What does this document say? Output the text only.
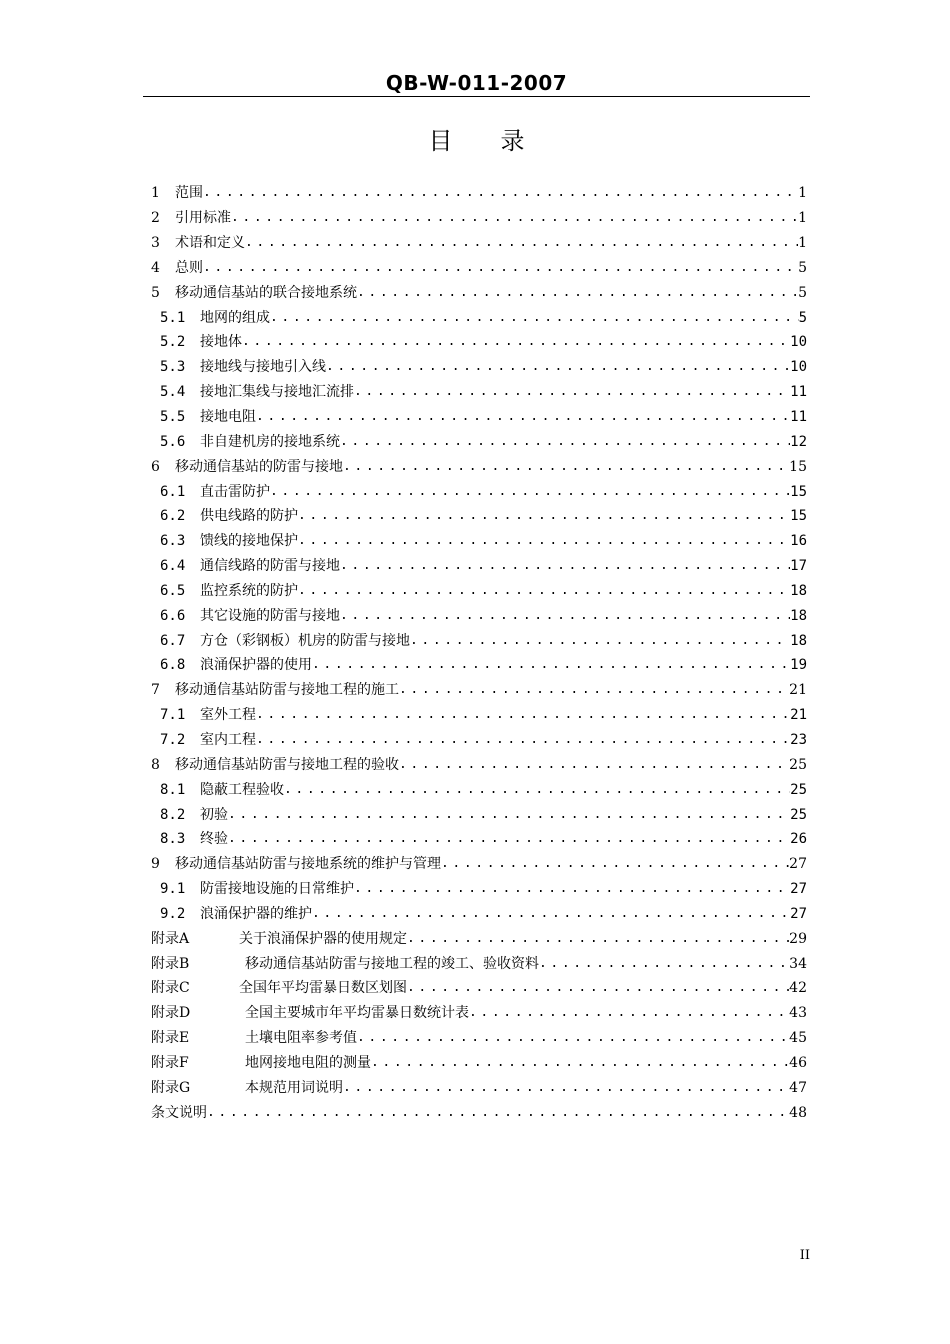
QB-W-011-2007
目　　录
1	范围 .....	1
2	引用标准 .....	1
3	术语和定义 .....	1
4	总则 .....	5
5	移动通信基站的联合接地系统 .....	5
5.1	地网的组成 .....	5
5.2	接地体 .....	10
5.3	接地线与接地引入线 .....	10
5.4	接地汇集线与接地汇流排 .....	11
5.5	接地电阻 .....	11
5.6	非自建机房的接地系统 .....	12
6	移动通信基站的防雷与接地 .....	15
6.1	直击雷防护 .....	15
6.2	供电线路的防护 .....	15
6.3	馈线的接地保护 .....	16
6.4	通信线路的防雷与接地 .....	17
6.5	监控系统的防护 .....	18
6.6	其它设施的防雷与接地 .....	18
6.7	方仓（彩钢板）机房的防雷与接地 .....	18
6.8	浪涌保护器的使用 .....	19
7	移动通信基站防雷与接地工程的施工 .....	21
7.1	室外工程 .....	21
7.2	室内工程 .....	23
8	移动通信基站防雷与接地工程的验收 .....	25
8.1	隐蔽工程验收 .....	25
8.2	初验 .....	25
8.3	终验 .....	26
9	移动通信基站防雷与接地系统的维护与管理 .....	27
9.1	防雷接地设施的日常维护 .....	27
9.2	浪涌保护器的维护 .....	27
附录A	关于浪涌保护器的使用规定 .....	29
附录B	移动通信基站防雷与接地工程的竣工、验收资料 .....	34
附录C	全国年平均雷暴日数区划图 .....	42
附录D	全国主要城市年平均雷暴日数统计表 .....	43
附录E	土壤电阻率参考值 .....	45
附录F	地网接地电阻的测量 .....	46
附录G	本规范用词说明 .....	47
条文说明 .....	48
II
